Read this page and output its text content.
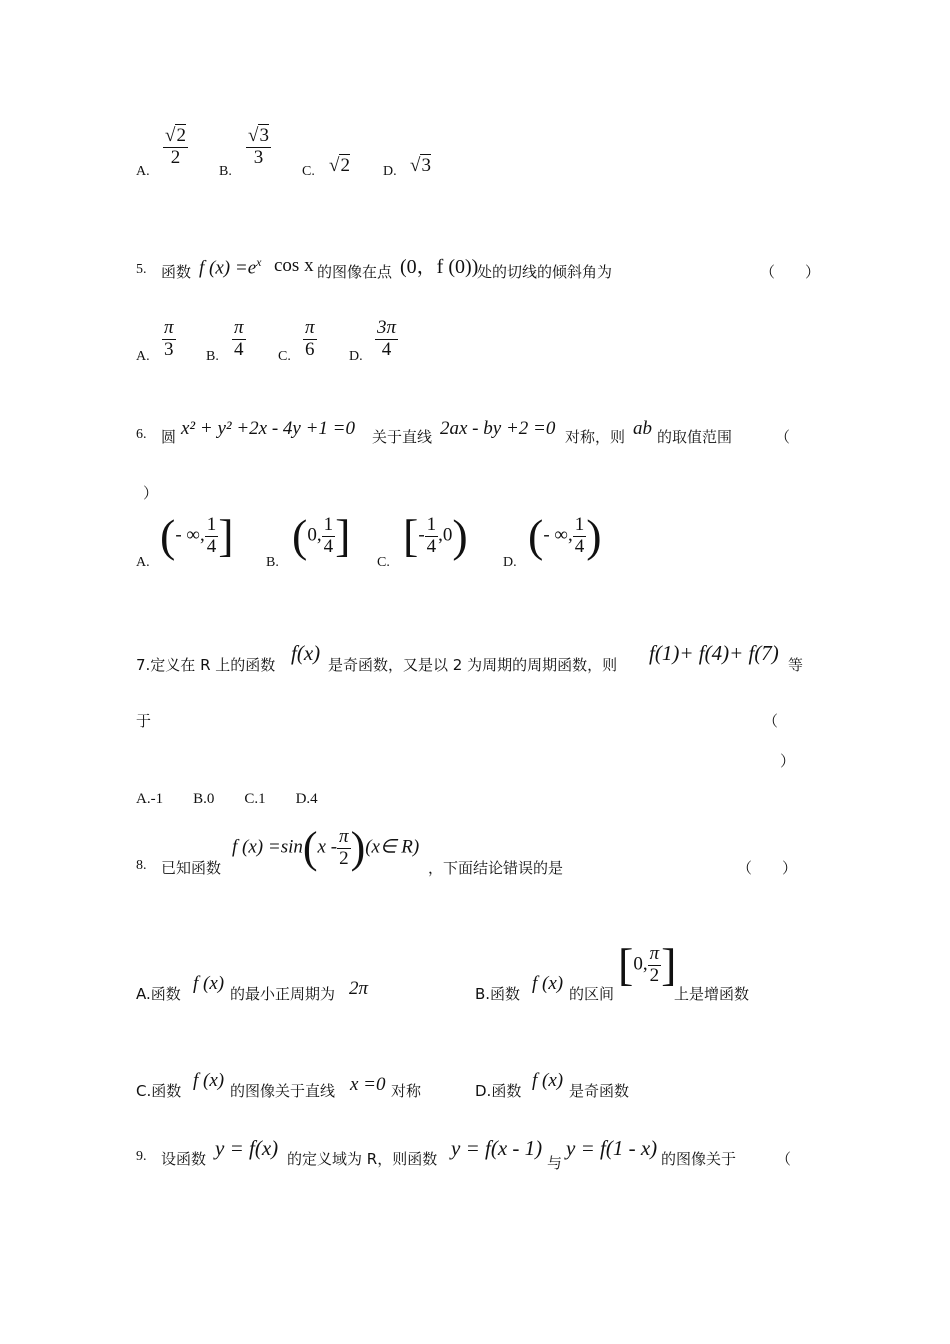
A.
$\frac{√2}{2}$
B.
$\frac{√3}{3}$
C. √2 D. √3
5. 函数 f $(x) =e^x$ cos x 的图像在点 (0，f (0))
处的切线的倾斜角为	（　　）
A. $\frac{\pi}{3} B$. $\frac{\pi}{4} C$. $\frac{\pi}{6} D$. $\frac{3\pi}{4}$
6. 圆 x² + y² +2x - 4y +1 =0 关于直线 2ax - by +2 =0 对称，则 ab 的取值范围	（
）
A.
(- ∞, $\frac{1}{4}$ ]
B.
(0, $\frac{1}{4}$ ]
C.
[- $\frac{1}{4} ,0$)
D.
(- ∞, $\frac{1}{4}$ )
7.定义在 R 上的函数 f(x) 是奇函数，又是以 2 为周期的周期函数，则 f(1)+ f(4)+ f(7) 等
于	（
）
A.-1　　B.0　　C.1　　D.4
8. 已知函数
f $(x) =\sin(x - \frac{\pi}{2}$ )(x∈ R)
，下面结论错误的是	（　　）
A.函数 f (x) 的最小正周期为 2π	B.函数 f (x) 的区间
[0, $\frac{\pi}{2}$ ]
上是增函数
C.函数 f (x) 的图像关于直线 x =0 对称	D.函数 f (x) 是奇函数
9. 设函数 y = f(x) 的定义域为 R，则函数 y = f(x - 1)
与
y = f(1 - x) 的图像关于	（
